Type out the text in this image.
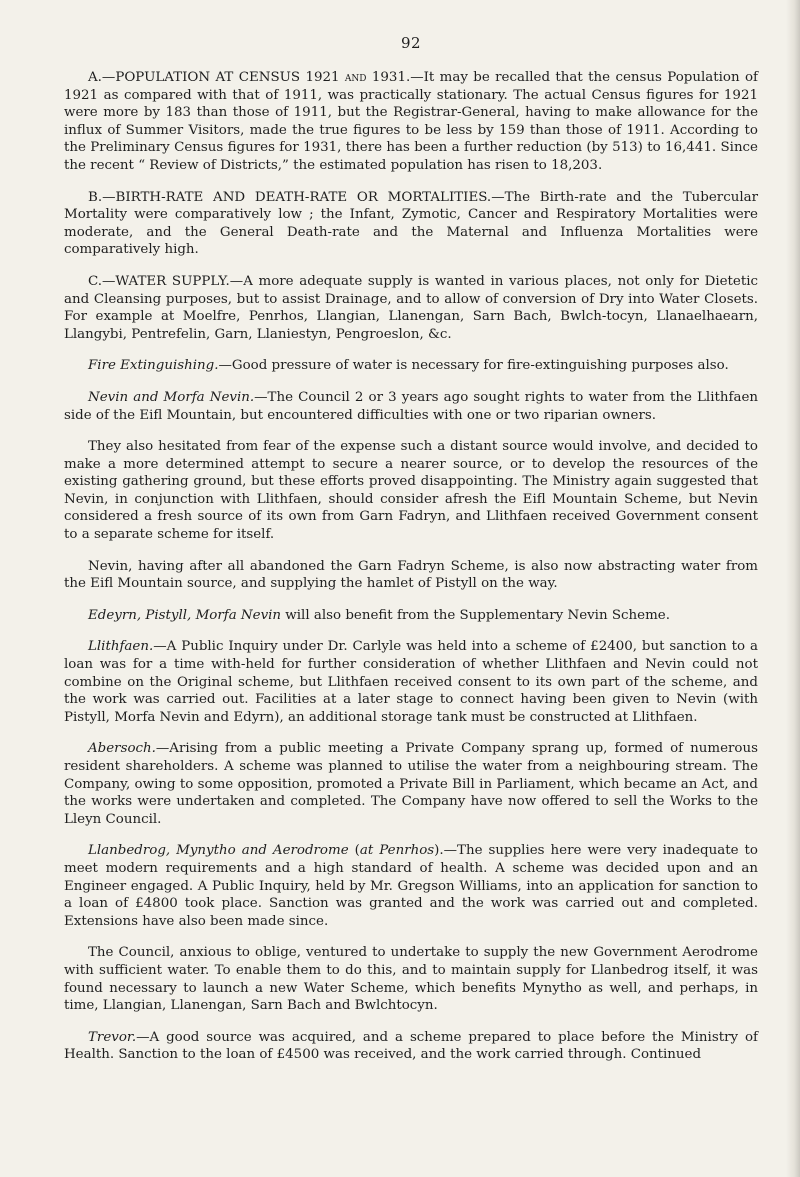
92

A.—POPULATION AT CENSUS 1921 and 1931.—It may be recalled that the census Population of 1921 as compared with that of 1911, was practically stationary. The actual Census figures for 1921 were more by 183 than those of 1911, but the Registrar-General, having to make allowance for the influx of Summer Visitors, made the true figures to be less by 159 than those of 1911. According to the Preliminary Census figures for 1931, there has been a further reduction (by 513) to 16,441. Since the recent “ Review of Districts,” the estimated population has risen to 18,203.

B.—BIRTH-RATE AND DEATH-RATE OR MORTALITIES.—The Birth-rate and the Tubercular Mortality were comparatively low ; the Infant, Zymotic, Cancer and Respiratory Mortalities were moderate, and the General Death-rate and the Maternal and Influenza Mortalities were comparatively high.

C.—WATER SUPPLY.—A more adequate supply is wanted in various places, not only for Dietetic and Cleansing purposes, but to assist Drainage, and to allow of conversion of Dry into Water Closets. For example at Moelfre, Penrhos, Llangian, Llanengan, Sarn Bach, Bwlch-tocyn, Llanaelhaearn, Llangybi, Pentrefelin, Garn, Llaniestyn, Pengroeslon, &c.

Fire Extinguishing.—Good pressure of water is necessary for fire-extinguishing purposes also.

Nevin and Morfa Nevin.—The Council 2 or 3 years ago sought rights to water from the Llithfaen side of the Eifl Mountain, but encountered difficulties with one or two riparian owners.

They also hesitated from fear of the expense such a distant source would involve, and decided to make a more determined attempt to secure a nearer source, or to develop the resources of the existing gathering ground, but these efforts proved disappointing. The Ministry again suggested that Nevin, in conjunction with Llithfaen, should consider afresh the Eifl Mountain Scheme, but Nevin considered a fresh source of its own from Garn Fadryn, and Llithfaen received Government consent to a separate scheme for itself.

Nevin, having after all abandoned the Garn Fadryn Scheme, is also now abstracting water from the Eifl Mountain source, and supplying the hamlet of Pistyll on the way.

Edeyrn, Pistyll, Morfa Nevin will also benefit from the Supplementary Nevin Scheme.

Llithfaen.—A Public Inquiry under Dr. Carlyle was held into a scheme of £2400, but sanction to a loan was for a time with-held for further consideration of whether Llithfaen and Nevin could not combine on the Original scheme, but Llithfaen received consent to its own part of the scheme, and the work was carried out. Facilities at a later stage to connect having been given to Nevin (with Pistyll, Morfa Nevin and Edyrn), an additional storage tank must be constructed at Llithfaen.

Abersoch.—Arising from a public meeting a Private Company sprang up, formed of numerous resident shareholders. A scheme was planned to utilise the water from a neighbouring stream. The Company, owing to some opposition, promoted a Private Bill in Parliament, which became an Act, and the works were undertaken and completed. The Company have now offered to sell the Works to the Lleyn Council.

Llanbedrog, Mynytho and Aerodrome (at Penrhos).—The supplies here were very inadequate to meet modern requirements and a high standard of health. A scheme was decided upon and an Engineer engaged. A Public Inquiry, held by Mr. Gregson Williams, into an application for sanction to a loan of £4800 took place. Sanction was granted and the work was carried out and completed. Extensions have also been made since.

The Council, anxious to oblige, ventured to undertake to supply the new Government Aerodrome with sufficient water. To enable them to do this, and to maintain supply for Llanbedrog itself, it was found necessary to launch a new Water Scheme, which benefits Mynytho as well, and perhaps, in time, Llangian, Llanengan, Sarn Bach and Bwlchtocyn.

Trevor.—A good source was acquired, and a scheme prepared to place before the Ministry of Health. Sanction to the loan of £4500 was received, and the work carried through. Continued
